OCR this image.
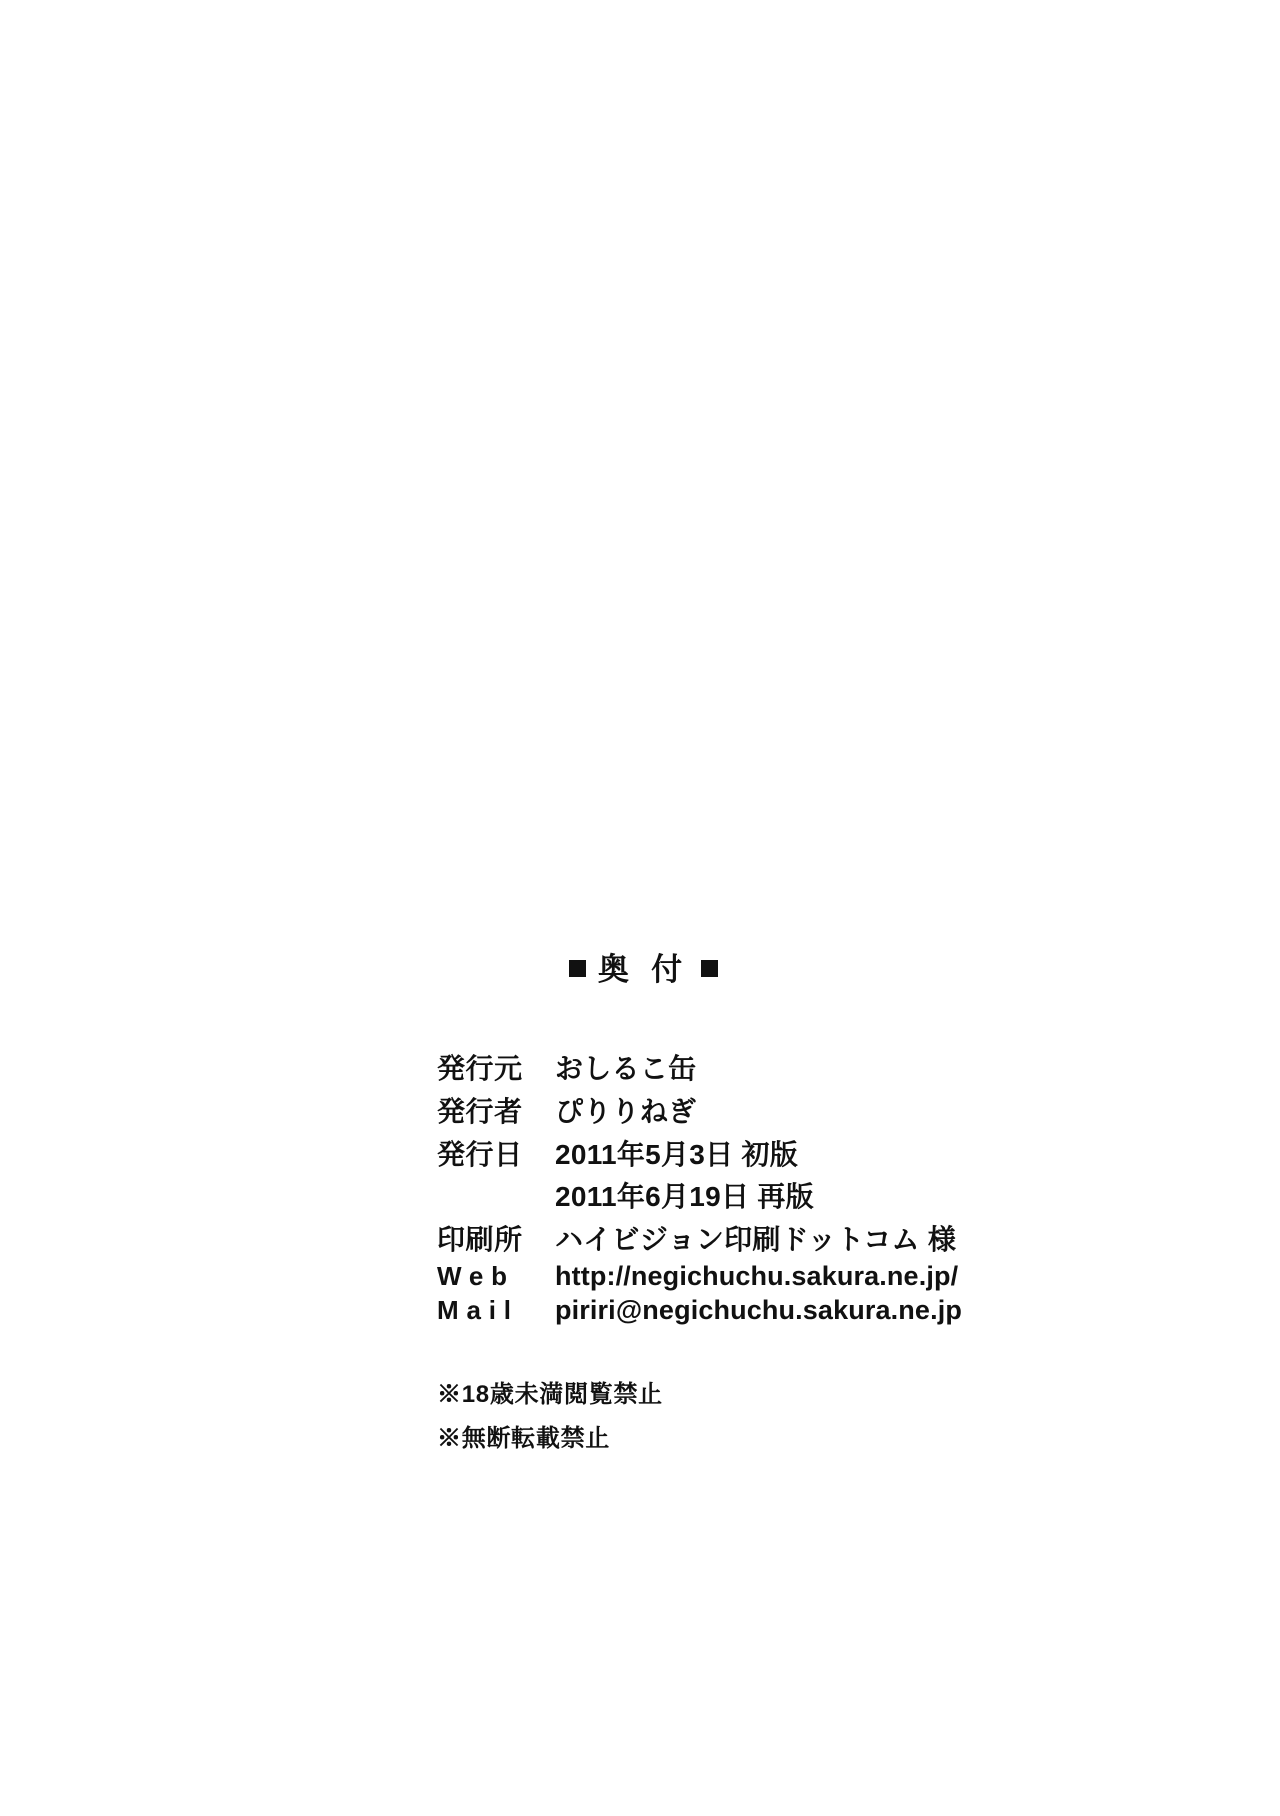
奥 付
発行元	おしるこ缶
発行者	ぴりりねぎ
発行日	2011年5月3日 初版
2011年6月19日 再版
印刷所	ハイビジョン印刷ドットコム 様
Web	http://negichuchu.sakura.ne.jp/
Mail	piriri@negichuchu.sakura.ne.jp
※18歳未満閲覧禁止
※無断転載禁止
